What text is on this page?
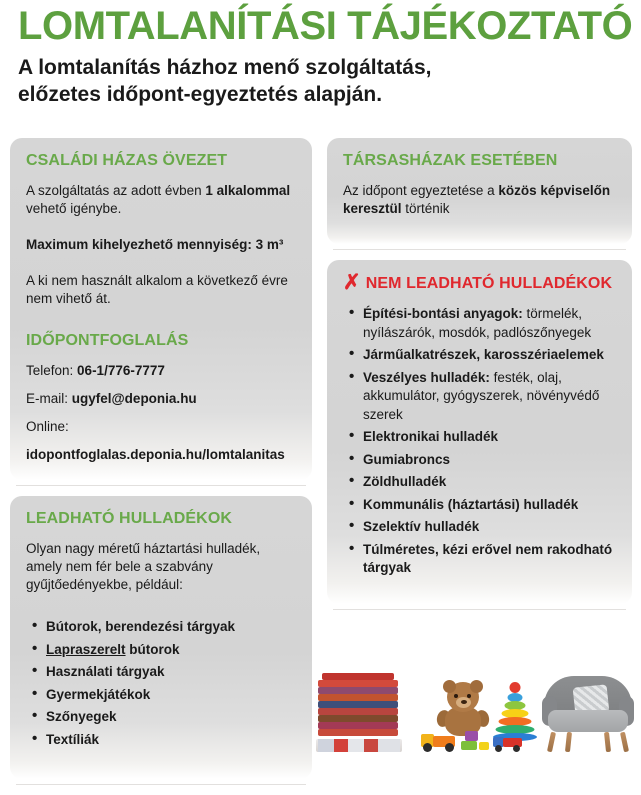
LOMTALANÍTÁSI TÁJÉKOZTATÓ
A lomtalanítás házhoz menő szolgáltatás,
előzetes időpont-egyeztetés alapján.
CSALÁDI HÁZAS ÖVEZET

A szolgáltatás az adott évben 1 alkalommal vehető igénybe.

Maximum kihelyezhető mennyiség: 3 m³

A ki nem használt alkalom a következő évre nem vihető át.

IDŐPONTFOGLALÁS

Telefon: 06-1/776-7777

E-mail: ugyfel@deponia.hu

Online:

idopontfoglalas.deponia.hu/lomtalanitas

LEADHATÓ HULLADÉKOK

Olyan nagy méretű háztartási hulladék, amely nem fér bele a szabvány gyűjtőedényekbe, például:

• Bútorok, berendezési tárgyak
• Lapraszerelt bútorok
• Használati tárgyak
• Gyermekjátékok
• Szőnyegek
• Textíliák
TÁRSASHÁZAK ESETÉBEN

Az időpont egyeztetése a közös képviselőn keresztül történik

✗ NEM LEADHATÓ HULLADÉKOK
• Építési-bontási anyagok: törmelék, nyílászárók, mosdók, padlószőnyegek
• Járműalkatrészek, karosszériaelemek
• Veszélyes hulladék: festék, olaj, akkumulátor, gyógyszerek, növényvédő szerek
• Elektronikai hulladék
• Gumiabroncs
• Zöldhulladék
• Kommunális (háztartási) hulladék
• Szelektív hulladék
• Túlméretes, kézi erővel nem rakodható tárgyak
